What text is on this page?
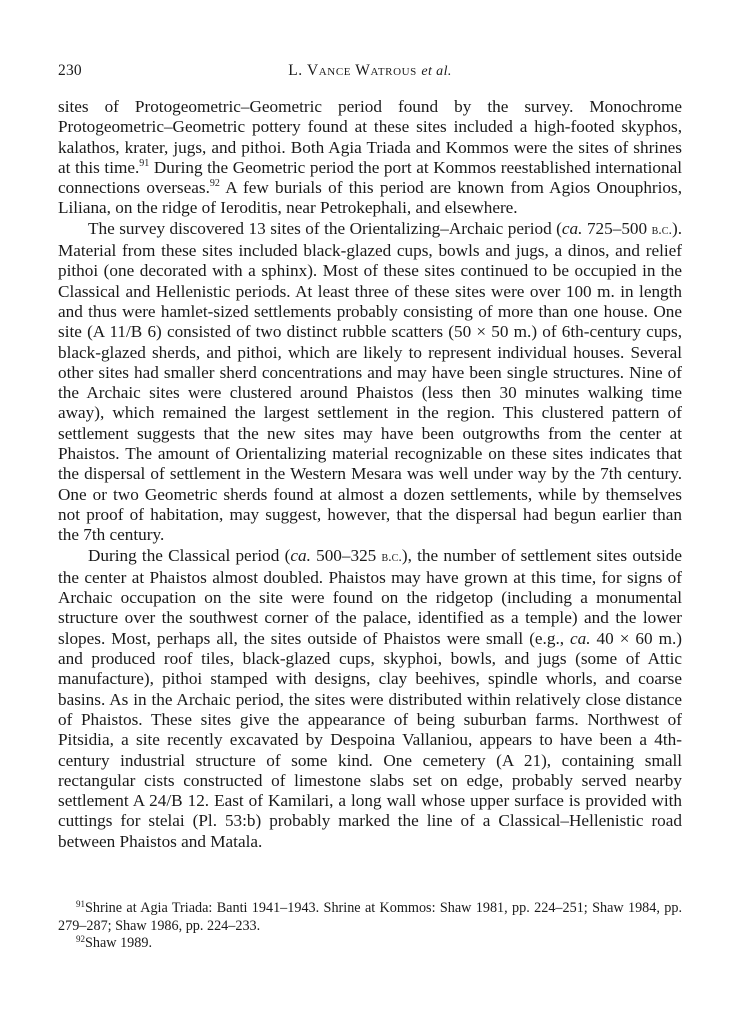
230	L. Vance Watrous et al.

sites of Protogeometric–Geometric period found by the survey. Monochrome Protogeometric–Geometric pottery found at these sites included a high-footed skyphos, kalathos, krater, jugs, and pithoi. Both Agia Triada and Kommos were the sites of shrines at this time.$^{91}$ During the Geometric period the port at Kommos reestablished international connections overseas.$^{92}$ A few burials of this period are known from Agios Onouphrios, Liliana, on the ridge of Ieroditis, near Petrokephali, and elsewhere.

The survey discovered 13 sites of the Orientalizing–Archaic period (ca. 725–500 b.c.). Material from these sites included black-glazed cups, bowls and jugs, a dinos, and relief pithoi (one decorated with a sphinx). Most of these sites continued to be occupied in the Classical and Hellenistic periods. At least three of these sites were over 100 m. in length and thus were hamlet-sized settlements probably consisting of more than one house. One site (A 11/B 6) consisted of two distinct rubble scatters (50 × 50 m.) of 6th-century cups, black-glazed sherds, and pithoi, which are likely to represent individual houses. Several other sites had smaller sherd concentrations and may have been single structures. Nine of the Archaic sites were clustered around Phaistos (less then 30 minutes walking time away), which remained the largest settlement in the region. This clustered pattern of settlement suggests that the new sites may have been outgrowths from the center at Phaistos. The amount of Orientalizing material recognizable on these sites indicates that the dispersal of settlement in the Western Mesara was well under way by the 7th century. One or two Geometric sherds found at almost a dozen settlements, while by themselves not proof of habitation, may suggest, however, that the dispersal had begun earlier than the 7th century.

During the Classical period (ca. 500–325 b.c.), the number of settlement sites outside the center at Phaistos almost doubled. Phaistos may have grown at this time, for signs of Archaic occupation on the site were found on the ridgetop (including a monumental structure over the southwest corner of the palace, identified as a temple) and the lower slopes. Most, perhaps all, the sites outside of Phaistos were small (e.g., ca. 40 × 60 m.) and produced roof tiles, black-glazed cups, skyphoi, bowls, and jugs (some of Attic manufacture), pithoi stamped with designs, clay beehives, spindle whorls, and coarse basins. As in the Archaic period, the sites were distributed within relatively close distance of Phaistos. These sites give the appearance of being suburban farms. Northwest of Pitsidia, a site recently excavated by Despoina Vallaniou, appears to have been a 4th-century industrial structure of some kind. One cemetery (A 21), containing small rectangular cists constructed of limestone slabs set on edge, probably served nearby settlement A 24/B 12. East of Kamilari, a long wall whose upper surface is provided with cuttings for stelai (Pl. 53:b) probably marked the line of a Classical–Hellenistic road between Phaistos and Matala.

$^{91}$Shrine at Agia Triada: Banti 1941–1943. Shrine at Kommos: Shaw 1981, pp. 224–251; Shaw 1984, pp. 279–287; Shaw 1986, pp. 224–233.

$^{92}$Shaw 1989.
